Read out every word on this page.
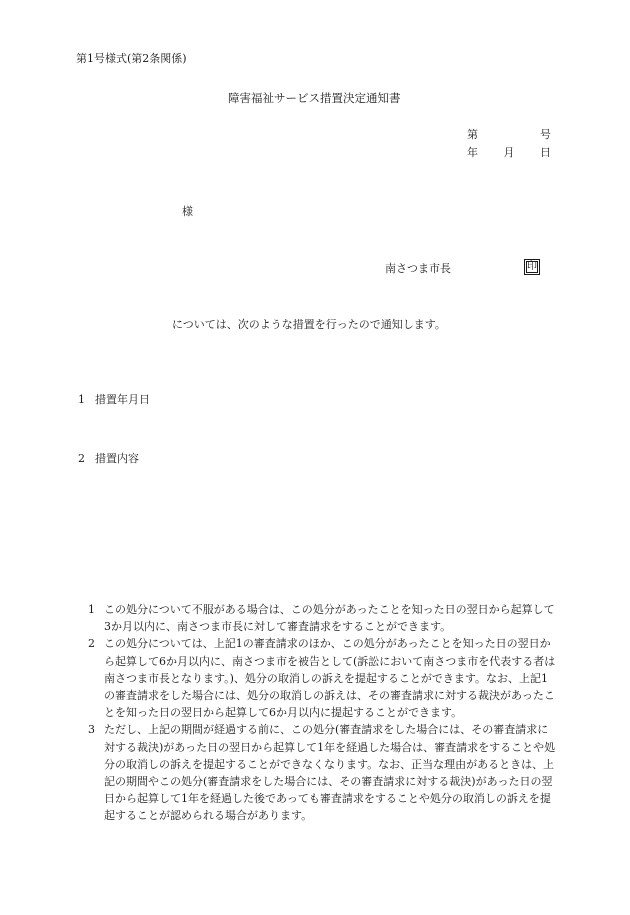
第1号様式(第2条関係)
障害福祉サービス措置決定通知書
第	号
年 月 日
様
南さつま市長	印
については、次のような措置を行ったので通知します。
1 措置年月日
2 措置内容
1 この処分について不服がある場合は、この処分があったことを知った日の翌日から起算して3か月以内に、南さつま市長に対して審査請求をすることができます。
2 この処分については、上記1の審査請求のほか、この処分があったことを知った日の翌日から起算して6か月以内に、南さつま市を被告として(訴訟において南さつま市を代表する者は南さつま市長となります。)、処分の取消しの訴えを提起することができます。なお、上記1の審査請求をした場合には、処分の取消しの訴えは、その審査請求に対する裁決があったことを知った日の翌日から起算して6か月以内に提起することができます。
3 ただし、上記の期間が経過する前に、この処分(審査請求をした場合には、その審査請求に対する裁決)があった日の翌日から起算して1年を経過した場合は、審査請求をすることや処分の取消しの訴えを提起することができなくなります。なお、正当な理由があるときは、上記の期間やこの処分(審査請求をした場合には、その審査請求に対する裁決)があった日の翌日から起算して1年を経過した後であっても審査請求をすることや処分の取消しの訴えを提起することが認められる場合があります。
